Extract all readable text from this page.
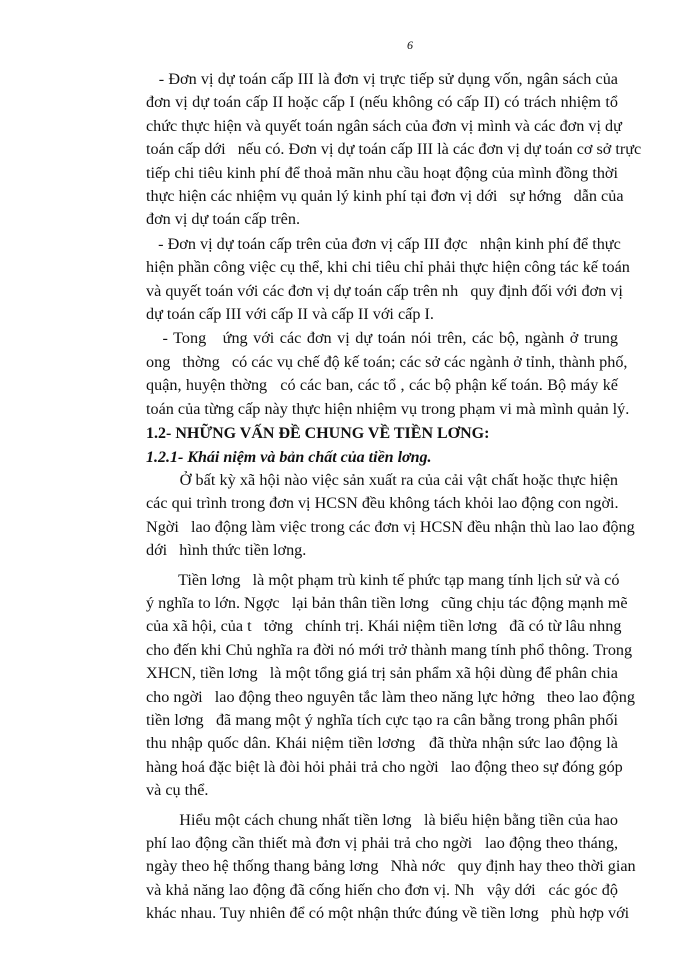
6
- Đơn vị dự toán cấp III là đơn vị trực tiếp sử dụng vốn, ngân sách của
đơn vị dự toán cấp II hoặc cấp I (nếu không có cấp II) có trách nhiệm tổ
chức thực hiện và quyết toán ngân sách của đơn vị mình và các đơn vị dự
toán cấp dới   nếu có. Đơn vị dự toán cấp III là các đơn vị dự toán cơ sở trực
tiếp chi tiêu kinh phí để thoả mãn nhu cầu hoạt động của mình đồng thời
thực hiện các nhiệm vụ quản lý kinh phí tại đơn vị dới   sự hớng   dẫn của
đơn vị dự toán cấp trên.
- Đơn vị dự toán cấp trên của đơn vị cấp III đợc   nhận kinh phí để thực
hiện phần công việc cụ thể, khi chi tiêu chỉ phải thực hiện công tác kế toán
và quyết toán với các đơn vị dự toán cấp trên nh   quy định đối với đơn vị
dự toán cấp III với cấp II và cấp II với cấp I.
- Tong   ứng với các đơn vị dự toán nói trên, các bộ, ngành ở trung
ong   thờng   có các vụ chế độ kế toán; các sở các ngành ở tỉnh, thành phố,
quận, huyện thờng   có các ban, các tổ , các bộ phận kế toán. Bộ máy kế
toán của từng cấp này thực hiện nhiệm vụ trong phạm vi mà mình quản lý.
1.2- NHỮNG VẤN ĐỀ CHUNG VỀ TIỀN LƠNG:
1.2.1- Khái niệm và bản chất của tiền lơng.
Ở bất kỳ xã hội nào việc sản xuất ra của cải vật chất hoặc thực hiện
các qui trình trong đơn vị HCSN đều không tách khỏi lao động con ngời.
Ngời   lao động làm việc trong các đơn vị HCSN đều nhận thù lao lao động
dới   hình thức tiền lơng.
Tiền lơng   là một phạm trù kinh tế phức tạp mang tính lịch sử và có
ý nghĩa to lớn. Ngợc   lại bản thân tiền lơng   cũng chịu tác động mạnh mẽ
của xã hội, của t   tởng   chính trị. Khái niệm tiền lơng   đã có từ lâu nhng
cho đến khi Chủ nghĩa ra đời nó mới trở thành mang tính phổ thông. Trong
XHCN, tiền lơng   là một tổng giá trị sản phẩm xã hội dùng để phân chia
cho ngời   lao động theo nguyên tắc làm theo năng lực hởng   theo lao động
tiền lơng   đã mang một ý nghĩa tích cực tạo ra cân bằng trong phân phối
thu nhập quốc dân. Khái niệm tiền lơơng   đã thừa nhận sức lao động là
hàng hoá đặc biệt là đòi hỏi phải trả cho ngời   lao động theo sự đóng góp
và cụ thể.
Hiểu một cách chung nhất tiền lơng   là biểu hiện bằng tiền của hao
phí lao động cần thiết mà đơn vị phải trả cho ngời   lao động theo tháng,
ngày theo hệ thống thang bảng lơng   Nhà nớc   quy định hay theo thời gian
và khả năng lao động đã cống hiến cho đơn vị. Nh   vậy dới   các góc độ
khác nhau. Tuy nhiên để có một nhận thức đúng về tiền lơng   phù hợp với
